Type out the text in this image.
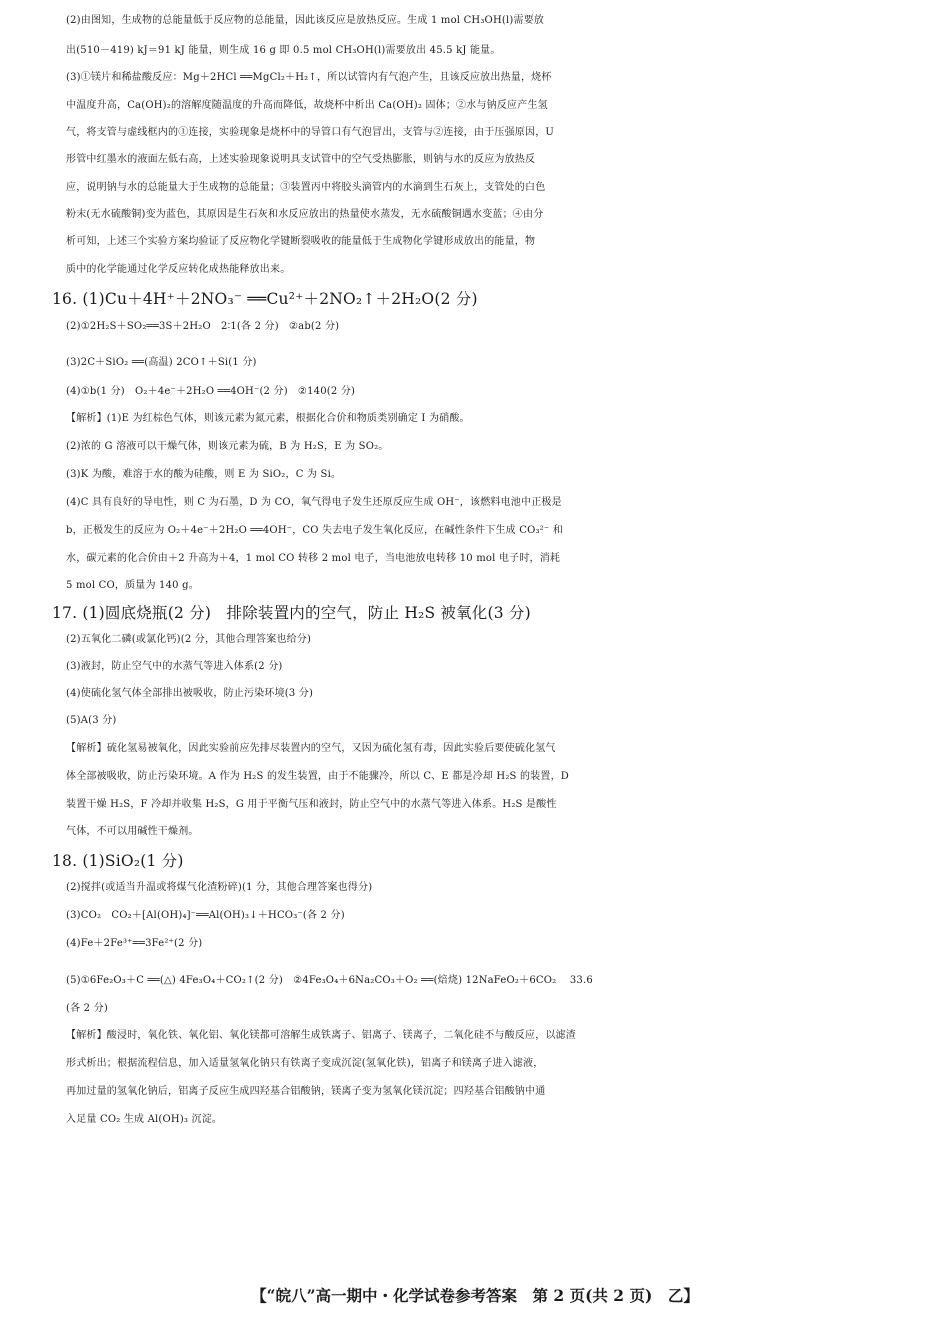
(2)由图知，生成物的总能量低于反应物的总能量，因此该反应是放热反应。生成 1 mol CH₃OH(l)需要放
出(510－419) kJ＝91 kJ 能量，则生成 16 g 即 0.5 mol CH₃OH(l)需要放出 45.5 kJ 能量。
(3)①镁片和稀盐酸反应：Mg＋2HCl ══MgCl₂＋H₂↑，所以试管内有气泡产生，且该反应放出热量，烧杯
中温度升高，Ca(OH)₂的溶解度随温度的升高而降低，故烧杯中析出 Ca(OH)₂ 固体；②水与钠反应产生氢
气，将支管与虚线框内的①连接，实验现象是烧杯中的导管口有气泡冒出，支管与②连接，由于压强原因，U
形管中红墨水的液面左低右高，上述实验现象说明具支试管中的空气受热膨胀，则钠与水的反应为放热反
应，说明钠与水的总能量大于生成物的总能量；③装置丙中将胶头滴管内的水滴到生石灰上，支管处的白色
粉末(无水硫酸铜)变为蓝色，其原因是生石灰和水反应放出的热量使水蒸发，无水硫酸铜遇水变蓝；④由分
析可知，上述三个实验方案均验证了反应物化学键断裂吸收的能量低于生成物化学键形成放出的能量，物
质中的化学能通过化学反应转化成热能释放出来。
16. (1)Cu＋4H⁺＋2NO₃⁻ ══Cu²⁺＋2NO₂↑＋2H₂O(2 分)
(2)①2H₂S＋SO₂══3S＋2H₂O   2∶1(各 2 分)   ②ab(2 分)
(3)2C＋SiO₂ ══(高温) 2CO↑＋Si(1 分)
(4)①b(1 分)   O₂＋4e⁻＋2H₂O ══4OH⁻(2 分)   ②140(2 分)
【解析】(1)E 为红棕色气体，则该元素为氮元素，根据化合价和物质类别确定 I 为硝酸。
(2)浓的 G 溶液可以干燥气体，则该元素为硫，B 为 H₂S，E 为 SO₂。
(3)K 为酸，难溶于水的酸为硅酸，则 E 为 SiO₂，C 为 Si。
(4)C 具有良好的导电性，则 C 为石墨，D 为 CO，氧气得电子发生还原反应生成 OH⁻，该燃料电池中正极是
b，正极发生的反应为 O₂＋4e⁻＋2H₂O ══4OH⁻，CO 失去电子发生氧化反应，在碱性条件下生成 CO₃²⁻ 和
水，碳元素的化合价由＋2 升高为＋4，1 mol CO 转移 2 mol 电子，当电池放电转移 10 mol 电子时，消耗
5 mol CO，质量为 140 g。
17. (1)圆底烧瓶(2 分)   排除装置内的空气，防止 H₂S 被氧化(3 分)
(2)五氧化二磷(或氯化钙)(2 分，其他合理答案也给分)
(3)液封，防止空气中的水蒸气等进入体系(2 分)
(4)使硫化氢气体全部排出被吸收，防止污染环境(3 分)
(5)A(3 分)
【解析】硫化氢易被氧化，因此实验前应先排尽装置内的空气，又因为硫化氢有毒，因此实验后要使硫化氢气
体全部被吸收，防止污染环境。A 作为 H₂S 的发生装置，由于不能骤冷，所以 C、E 都是冷却 H₂S 的装置，D
装置干燥 H₂S，F 冷却并收集 H₂S，G 用于平衡气压和液封，防止空气中的水蒸气等进入体系。H₂S 是酸性
气体，不可以用碱性干燥剂。
18. (1)SiO₂(1 分)
(2)搅拌(或适当升温或将煤气化渣粉碎)(1 分，其他合理答案也得分)
(3)CO₂   CO₂＋[Al(OH)₄]⁻══Al(OH)₃↓＋HCO₃⁻(各 2 分)
(4)Fe＋2Fe³⁺══3Fe²⁺(2 分)
(5)①6Fe₂O₃＋C ══(△) 4Fe₃O₄＋CO₂↑(2 分)   ②4Fe₃O₄＋6Na₂CO₃＋O₂ ══(焙烧) 12NaFeO₂＋6CO₂    33.6
(各 2 分)
【解析】酸浸时，氧化铁、氧化铝、氧化镁都可溶解生成铁离子、铝离子、镁离子，二氧化硅不与酸反应，以滤渣
形式析出；根据流程信息，加入适量氢氧化钠只有铁离子变成沉淀(氢氧化铁)，铝离子和镁离子进入滤液，
再加过量的氢氧化钠后，铝离子反应生成四羟基合铝酸钠，镁离子变为氢氧化镁沉淀；四羟基合铝酸钠中通
入足量 CO₂ 生成 Al(OH)₃ 沉淀。
【“皖八”高一期中・化学试卷参考答案　第 2 页(共 2 页)　乙】
